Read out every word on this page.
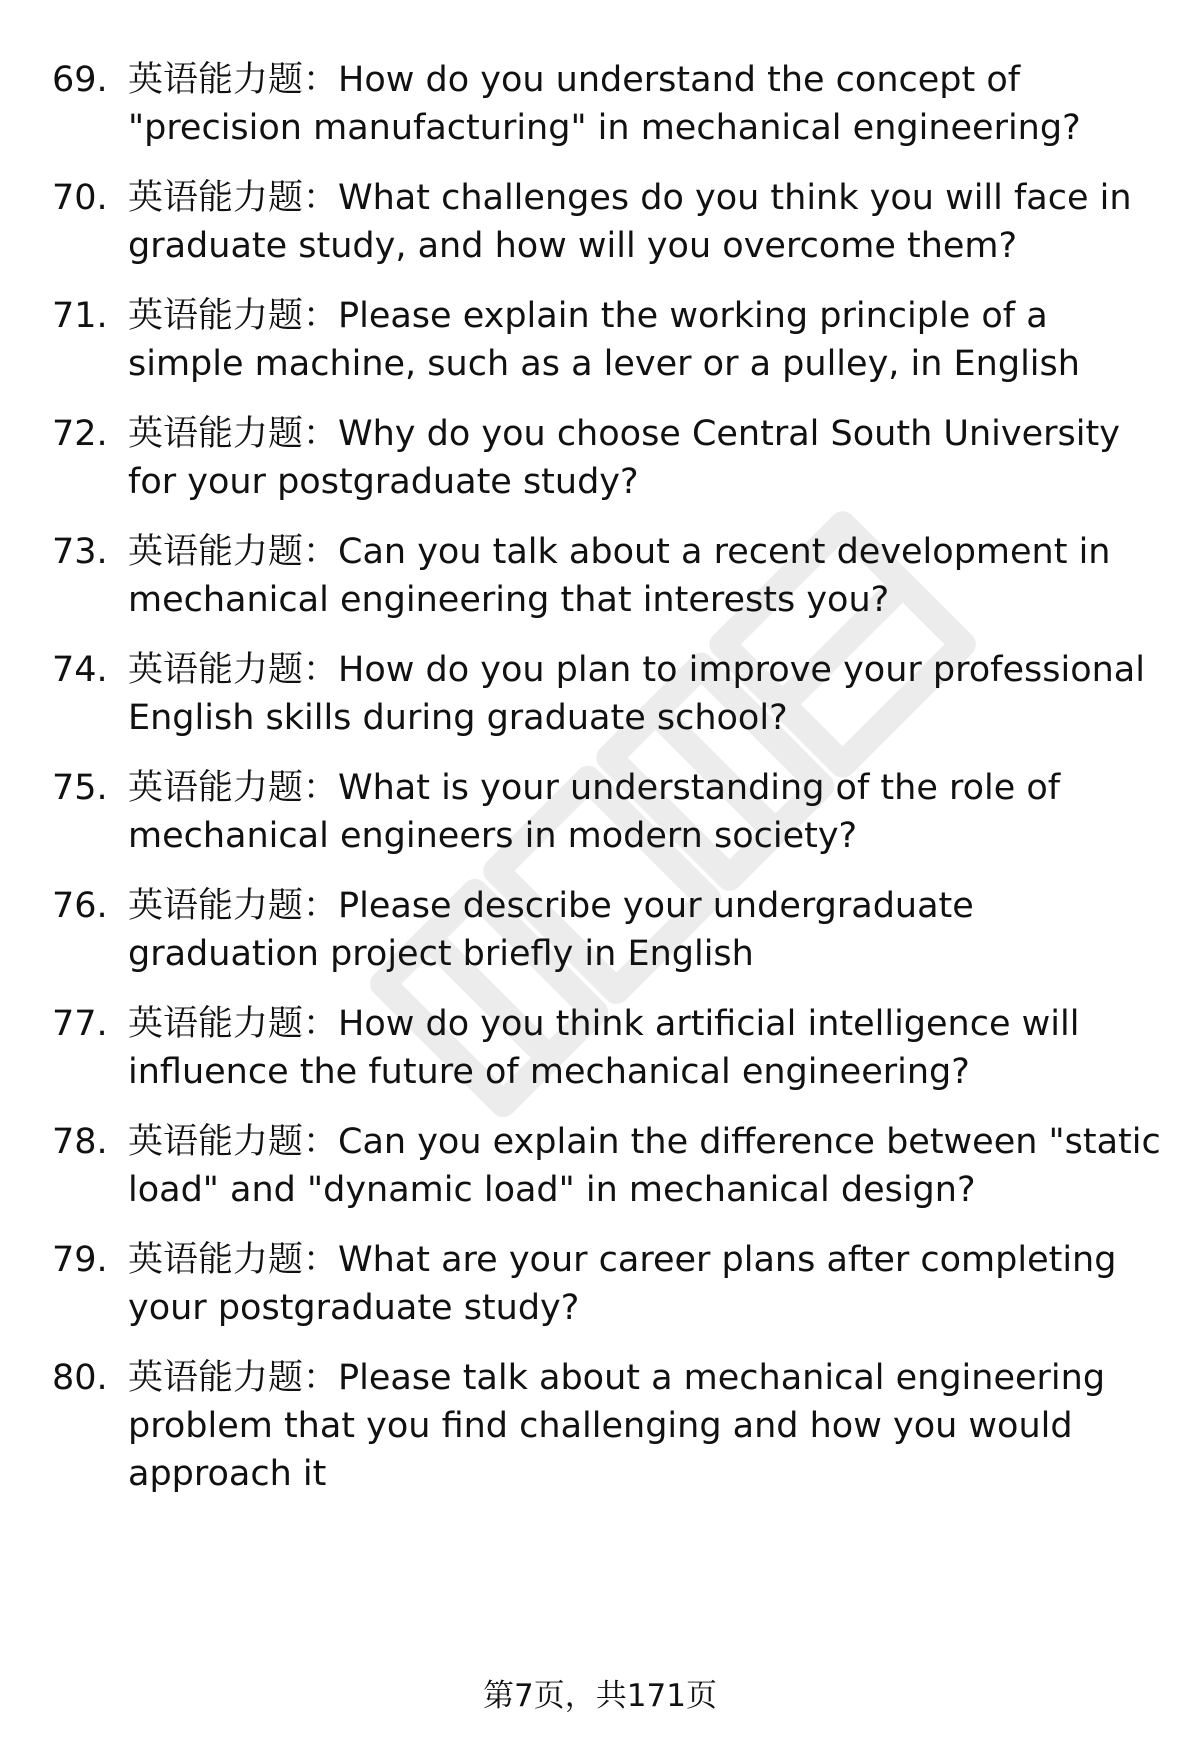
69. 英语能力题：How do you understand the concept of
"precision manufacturing" in mechanical engineering?
70. 英语能力题：What challenges do you think you will face in
graduate study, and how will you overcome them?
71. 英语能力题：Please explain the working principle of a
simple machine, such as a lever or a pulley, in English
72. 英语能力题：Why do you choose Central South University
for your postgraduate study?
73. 英语能力题：Can you talk about a recent development in
mechanical engineering that interests you?
74. 英语能力题：How do you plan to improve your professional
English skills during graduate school?
75. 英语能力题：What is your understanding of the role of
mechanical engineers in modern society?
76. 英语能力题：Please describe your undergraduate
graduation project briefly in English
77. 英语能力题：How do you think artificial intelligence will
influence the future of mechanical engineering?
78. 英语能力题：Can you explain the difference between "static
load" and "dynamic load" in mechanical design?
79. 英语能力题：What are your career plans after completing
your postgraduate study?
80. 英语能力题：Please talk about a mechanical engineering
problem that you find challenging and how you would
approach it
第7页，共171页
